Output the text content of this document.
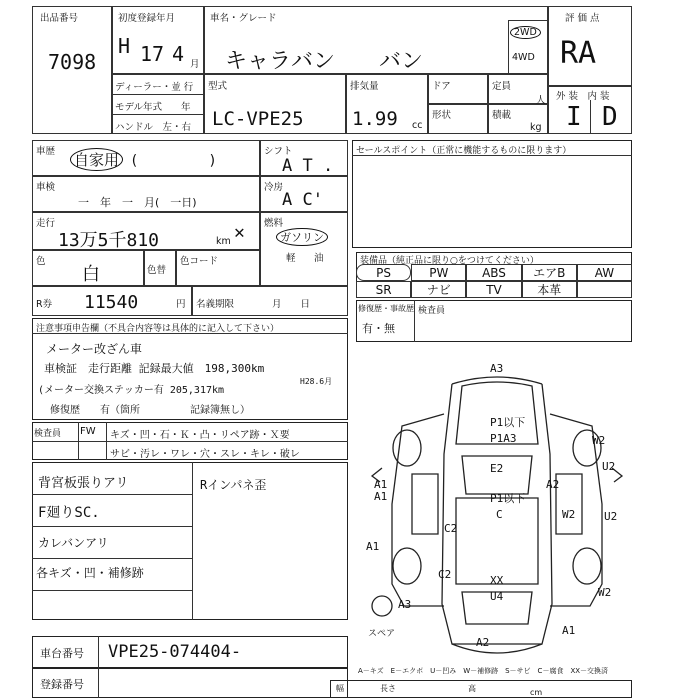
出品番号
7098
初度登録年月
H 17 4 月
車名・グレード
キャラバン　　バン
2WD
4WD
評 価 点
RA
ディーラー・並 行
モデル年式　　年
ハンドル　左・右
型式
LC-VPE25
排気量
1.99 cc
ドア	定員
人
形状	積載
kg
外 装　内 装
I D
車歴 自家用 (　　　　　)
車検
一　年　一　月(　一日)
走行
13万5千810	km ✕
色
白	色替
色コード
シフト
A T .
冷房
A C'
燃料
ガソリン
軽 油
R券 11540	円 名義期限　　　　月　　日
セールスポイント（正常に機能するものに限ります）
装備品（純正品に限り○をつけてください）
PS	PW	ABS	エアB	AW
SR	ナビ	TV	本革
修復歴・事故歴
有・無
検査員
注意事項申告欄（不具合内容等は具体的に記入して下さい）
メーター改ざん車
車検証　走行距離 記録最大値　198,300km
H28.6月
(メーター交換ステッカー有 205,317km
修復歴　　有（箇所　　　　　記録簿無し）
検査員 FW キズ・凹・石・Ｋ・凸・リペア跡・Ｘ要
サビ・汚レ・ワレ・穴・スレ・キレ・破レ
背宮板張りアリ
F廻りSC.
カレバンアリ
各キズ・凹・補修跡
Rインパネ歪
車台番号 VPE25-074404-
登録番号
A3
P1以下
P1A3
E2
P1以下
C
C2
C2
A1
A1
A1	A2
A3
XX
U4
U2
U2
W2
W2
A2
A1
W2
スペア
A－キズ　E－エクボ　U－凹み　W－補修跡　S－サビ　C－腐食　XX－交換済
幅	長さ	高	cm
